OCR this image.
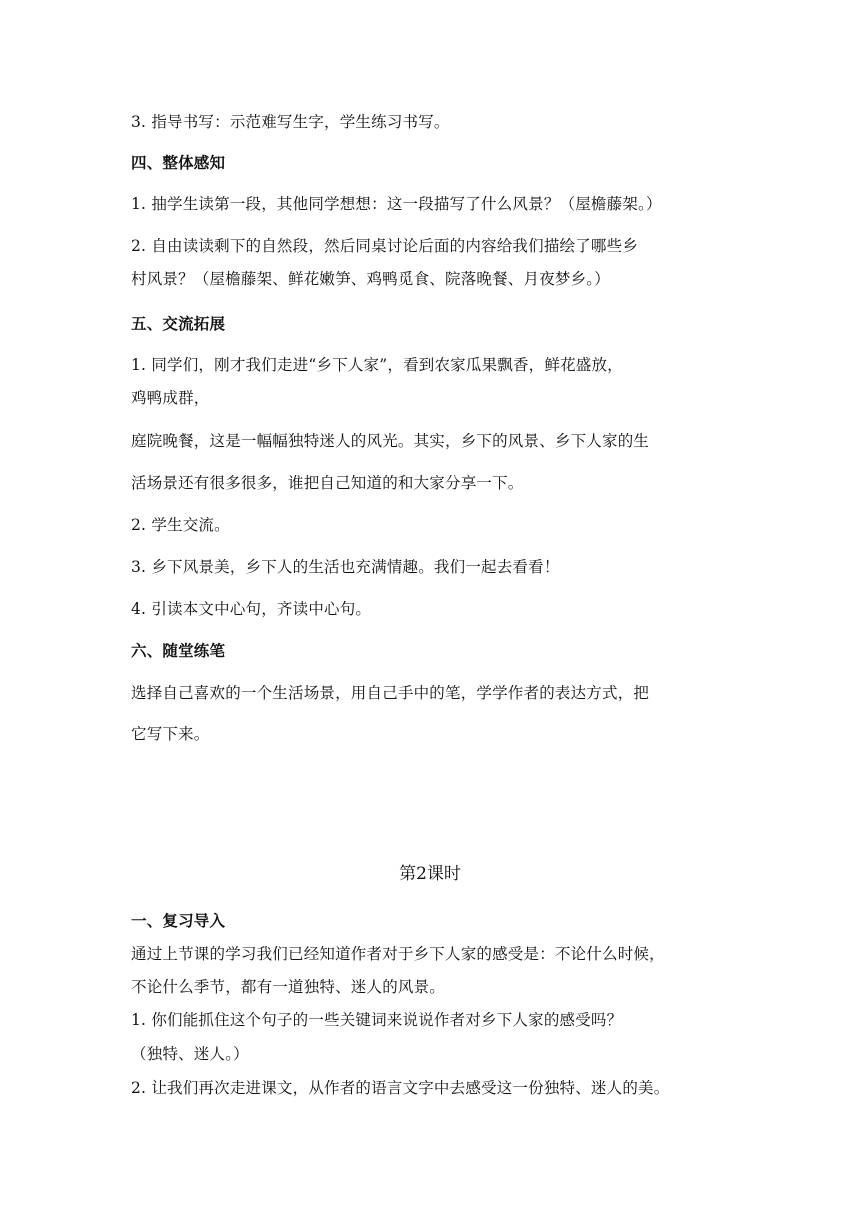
3. 指导书写：示范难写生字，学生练习书写。
四、整体感知
1. 抽学生读第一段，其他同学想想：这一段描写了什么风景？（屋檐藤架。）
2. 自由读读剩下的自然段，然后同桌讨论后面的内容给我们描绘了哪些乡
村风景？（屋檐藤架、鲜花嫩笋、鸡鸭觅食、院落晚餐、月夜梦乡。）
五、交流拓展
1. 同学们，刚才我们走进“乡下人家”，看到农家瓜果飘香，鲜花盛放，
鸡鸭成群，
庭院晚餐，这是一幅幅独特迷人的风光。其实，乡下的风景、乡下人家的生
活场景还有很多很多，谁把自己知道的和大家分享一下。
2. 学生交流。
3. 乡下风景美，乡下人的生活也充满情趣。我们一起去看看！
4. 引读本文中心句，齐读中心句。
六、随堂练笔
选择自己喜欢的一个生活场景，用自己手中的笔，学学作者的表达方式，把
它写下来。
第2课时
一、复习导入
通过上节课的学习我们已经知道作者对于乡下人家的感受是：不论什么时候，
不论什么季节，都有一道独特、迷人的风景。
1. 你们能抓住这个句子的一些关键词来说说作者对乡下人家的感受吗？
（独特、迷人。）
2. 让我们再次走进课文，从作者的语言文字中去感受这一份独特、迷人的美。
